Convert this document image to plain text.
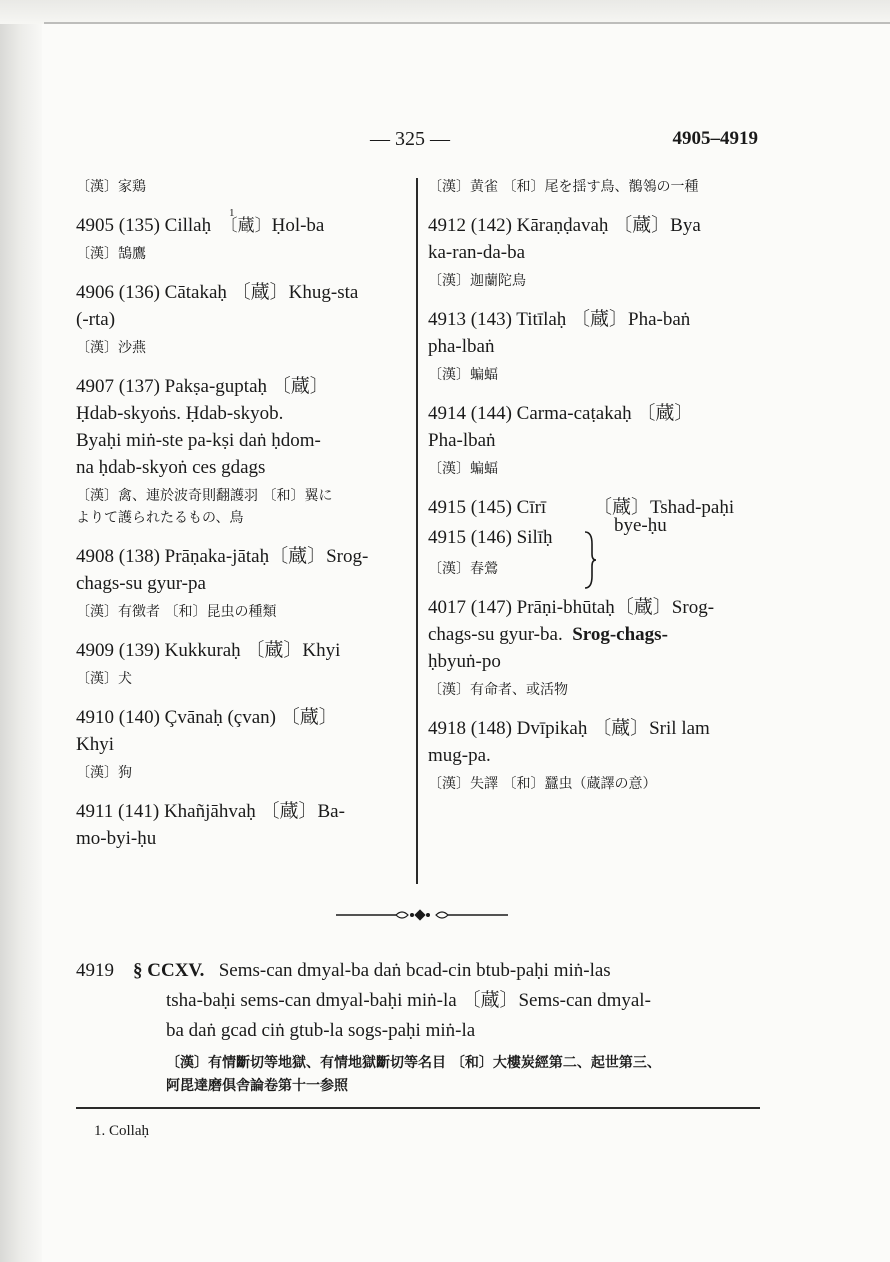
— 325 —	4905–4919
〔漢〕家鶏
4905 (135) Cillaḥ
1
〔蔵〕Ḥol-ba
〔漢〕鵠鷹
4906 (136) Cātakaḥ 〔蔵〕Khug-sta
(-rta)
〔漢〕沙燕
4907 (137) Pakṣa-guptaḥ 〔蔵〕
Ḥdab-skyoṅs. Ḥdab-skyob.
Byaḥi miṅ-ste pa-kṣi daṅ ḥdom-
na ḥdab-skyoṅ ces gdags
〔漢〕禽、連於波奇則翻護羽 〔和〕翼に
よりて護られたるもの、鳥
4908 (138) Prāṇaka-jātaḥ〔蔵〕Srog-
chags-su gyur-pa
〔漢〕有徴者 〔和〕昆虫の種類
4909 (139) Kukkuraḥ 〔蔵〕Khyi
〔漢〕犬
4910 (140) Çvānaḥ (çvan) 〔蔵〕
Khyi
〔漢〕狗
4911 (141) Khañjāhvaḥ 〔蔵〕Ba-
mo-byi-ḥu
〔漢〕黄雀 〔和〕尾を揺す鳥、鶺鴒の一種
4912 (142) Kāraṇḍavaḥ 〔蔵〕Bya
ka-ran-da-ba
〔漢〕迦蘭陀鳥
4913 (143) Titīlaḥ 〔蔵〕Pha-baṅ
pha-lbaṅ
〔漢〕蝙蝠
4914 (144) Carma-caṭakaḥ 〔蔵〕
Pha-lbaṅ
〔漢〕蝙蝠
4915 (145) Cīrī 〔蔵〕Tshad-paḥi
4915 (146) Silīḥ
bye-ḥu
〔漢〕春鶯
4017 (147) Prāṇi-bhūtaḥ〔蔵〕Srog-
chags-su gyur-ba. Srog-chags-
ḥbyuṅ-po
〔漢〕有命者、或活物
4918 (148) Dvīpikaḥ 〔蔵〕Sril lam
mug-pa.
〔漢〕失譯 〔和〕蠶虫（蔵譯の意）
4919 § CCXV. Sems-can dmyal-ba daṅ bcad-cin btub-paḥi miṅ-las
tsha-baḥi sems-can dmyal-baḥi miṅ-la 〔蔵〕Sems-can dmyal-
ba daṅ gcad ciṅ gtub-la sogs-paḥi miṅ-la
〔漢〕有情斷切等地獄、有情地獄斷切等名目 〔和〕大樓炭經第二、起世第三、
阿毘達磨倶舎論卷第十一参照
1. Collaḥ
